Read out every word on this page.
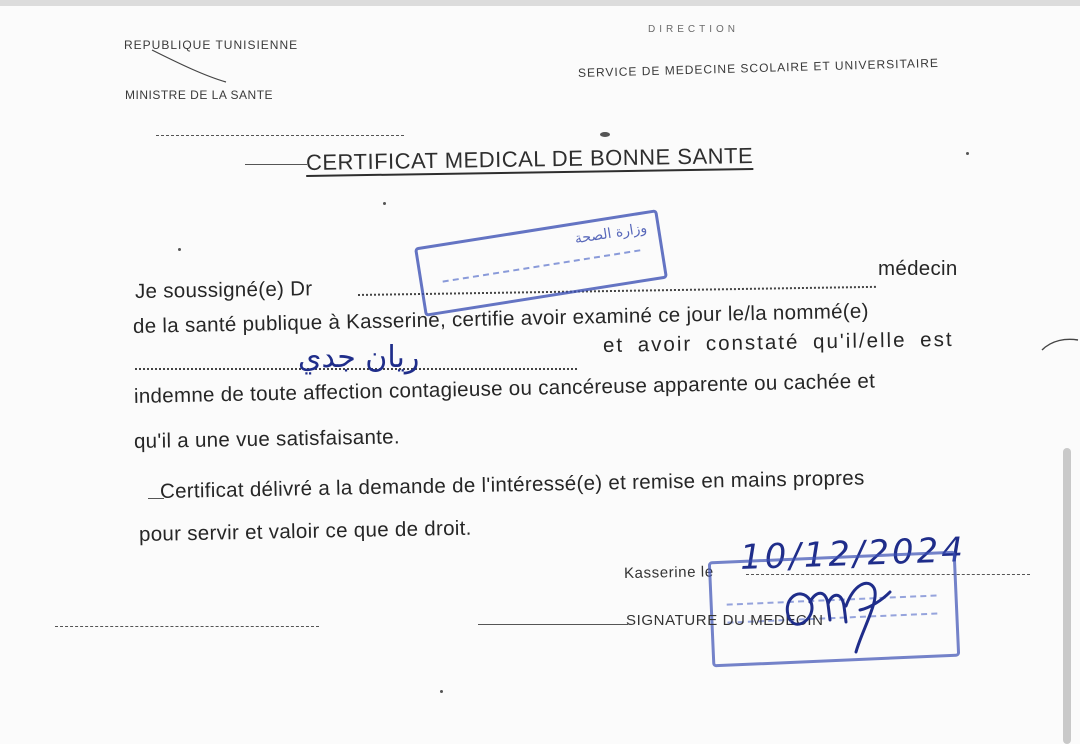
REPUBLIQUE TUNISIENNE
MINISTRE DE LA SANTE
DIRECTION
SERVICE DE MEDECINE SCOLAIRE ET UNIVERSITAIRE
CERTIFICAT MEDICAL DE BONNE SANTE
Je soussigné(e) Dr
médecin
de la santé publique à Kasserine, certifie avoir examiné ce jour le/la nommé(e)
et avoir constaté qu'il/elle est
indemne de toute affection contagieuse ou cancéreuse apparente ou cachée et
qu'il a une vue satisfaisante.
Certificat délivré a la demande de l'intéressé(e) et remise en mains propres
pour servir et valoir ce que de droit.
وزارة الصحة
ريان جدي
Kasserine le 10/12/2024
SIGNATURE DU MEDECIN
